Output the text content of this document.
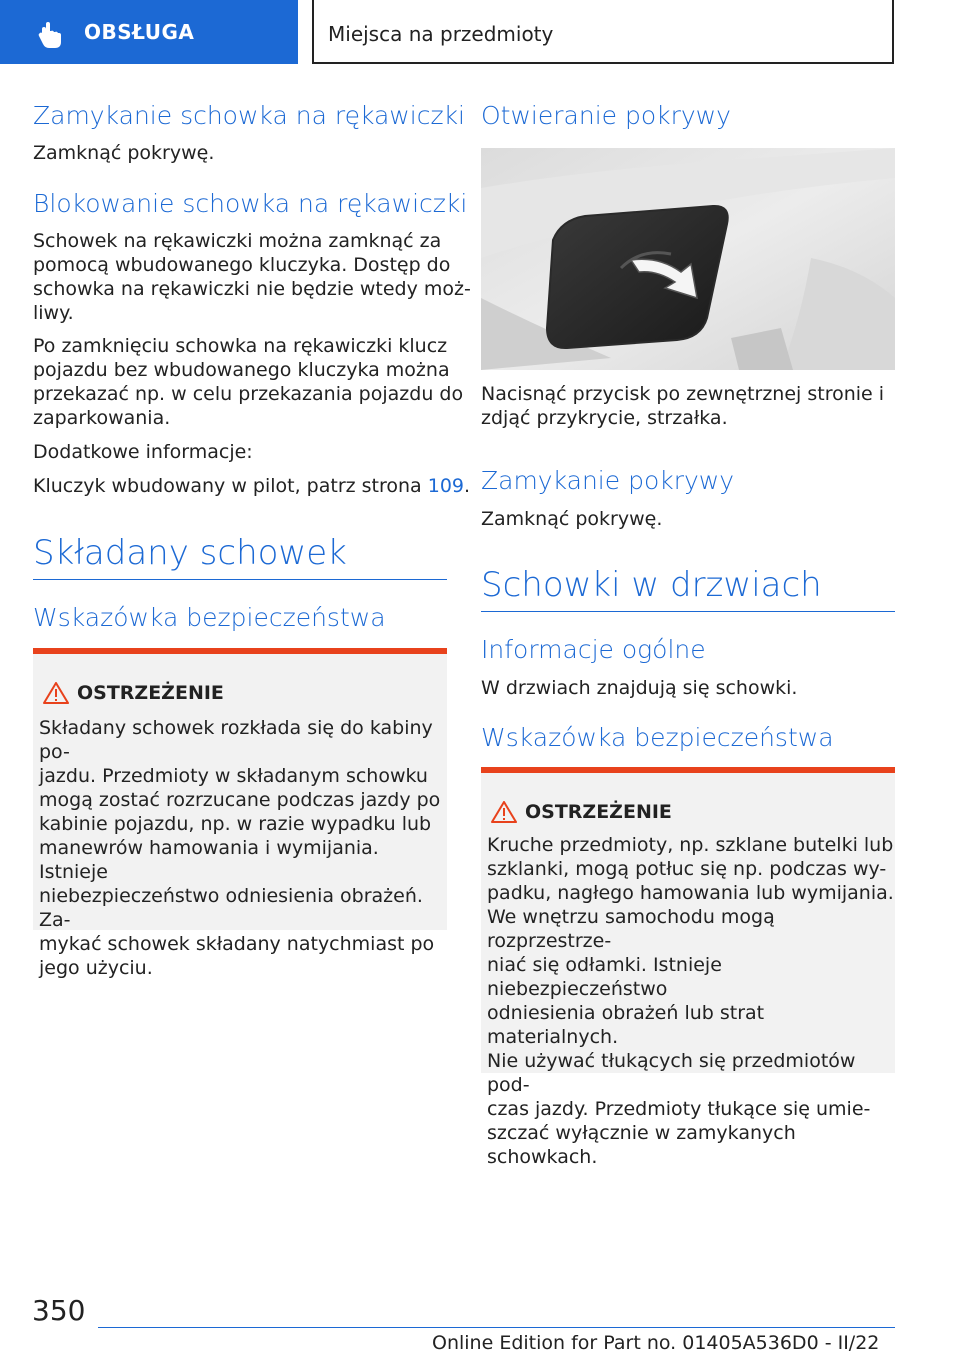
OBSŁUGA	Miejsca na przedmioty
Zamykanie schowka na rękawiczki
Zamknąć pokrywę.
Blokowanie schowka na rękawiczki
Schowek na rękawiczki można zamknąć za
pomocą wbudowanego kluczyka. Dostęp do
schowka na rękawiczki nie będzie wtedy moż-
liwy.
Po zamknięciu schowka na rękawiczki klucz
pojazdu bez wbudowanego kluczyka można
przekazać np. w celu przekazania pojazdu do
zaparkowania.
Dodatkowe informacje:
Kluczyk wbudowany w pilot, patrz strona 109.
Składany schowek
Wskazówka bezpieczeństwa
OSTRZEŻENIE
Składany schowek rozkłada się do kabiny po-
jazdu. Przedmioty w składanym schowku
mogą zostać rozrzucane podczas jazdy po
kabinie pojazdu, np. w razie wypadku lub
manewrów hamowania i wymijania. Istnieje
niebezpieczeństwo odniesienia obrażeń. Za-
mykać schowek składany natychmiast po
jego użyciu.
Otwieranie pokrywy
Nacisnąć przycisk po zewnętrznej stronie i
zdjąć przykrycie, strzałka.
Zamykanie pokrywy
Zamknąć pokrywę.
Schowki w drzwiach
Informacje ogólne
W drzwiach znajdują się schowki.
Wskazówka bezpieczeństwa
OSTRZEŻENIE
Kruche przedmioty, np. szklane butelki lub
szklanki, mogą potłuc się np. podczas wy-
padku, nagłego hamowania lub wymijania.
We wnętrzu samochodu mogą rozprzestrze-
niać się odłamki. Istnieje niebezpieczeństwo
odniesienia obrażeń lub strat materialnych.
Nie używać tłukących się przedmiotów pod-
czas jazdy. Przedmioty tłukące się umie-
szczać wyłącznie w zamykanych schowkach.
350
Online Edition for Part no. 01405A536D0 - II/22
